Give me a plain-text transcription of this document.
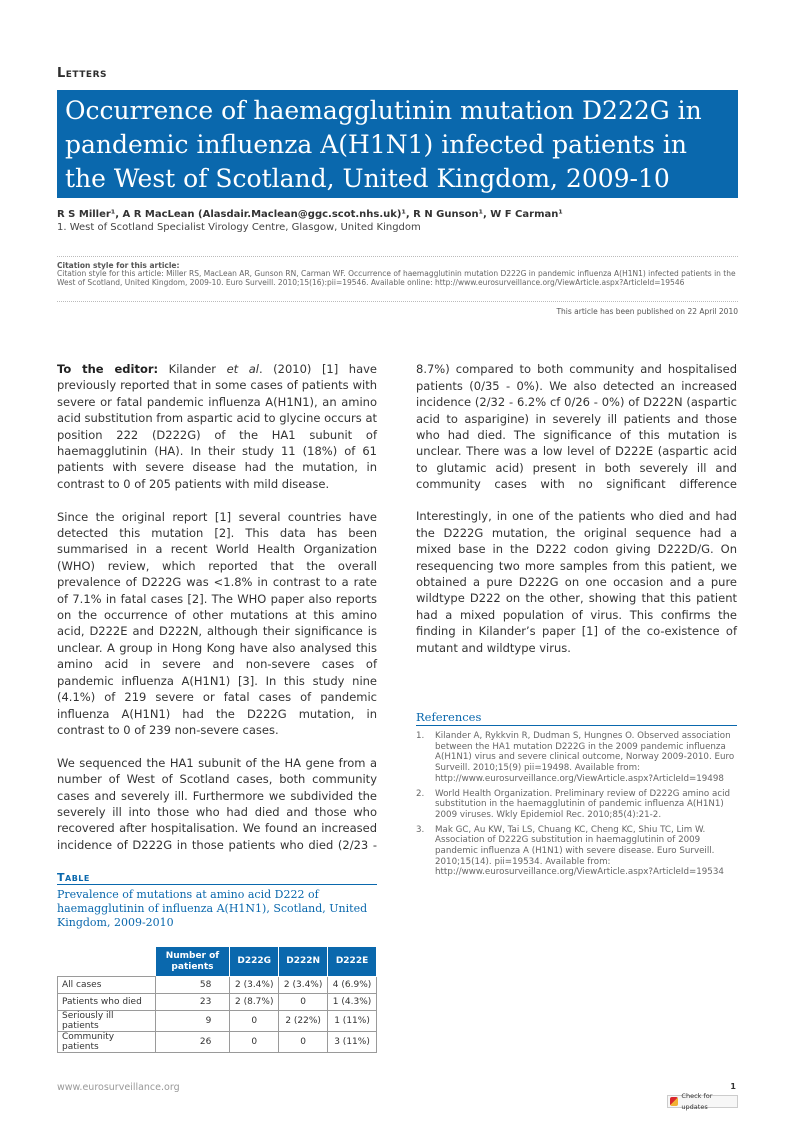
Letters
Occurrence of haemagglutinin mutation D222G in pandemic influenza A(H1N1) infected patients in the West of Scotland, United Kingdom, 2009-10
R S Miller¹, A R MacLean (Alasdair.Maclean@ggc.scot.nhs.uk)¹, R N Gunson¹, W F Carman¹
1. West of Scotland Specialist Virology Centre, Glasgow, United Kingdom
Citation style for this article:
Citation style for this article: Miller RS, MacLean AR, Gunson RN, Carman WF. Occurrence of haemagglutinin mutation D222G in pandemic influenza A(H1N1) infected patients in the West of Scotland, United Kingdom, 2009-10. Euro Surveill. 2010;15(16):pii=19546. Available online: http://www.eurosurveillance.org/ViewArticle.aspx?ArticleId=19546
This article has been published on 22 April 2010

To the editor: Kilander et al. (2010) [1] have previously reported that in some cases of patients with severe or fatal pandemic influenza A(H1N1), an amino acid substitution from aspartic acid to glycine occurs at position 222 (D222G) of the HA1 subunit of haemagglutinin (HA). In their study 11 (18%) of 61 patients with severe disease had the mutation, in contrast to 0 of 205 patients with mild disease.

Since the original report [1] several countries have detected this mutation [2]. This data has been summarised in a recent World Health Organization (WHO) review, which reported that the overall prevalence of D222G was <1.8% in contrast to a rate of 7.1% in fatal cases [2]. The WHO paper also reports on the occurrence of other mutations at this amino acid, D222E and D222N, although their significance is unclear. A group in Hong Kong have also analysed this amino acid in severe and non-severe cases of pandemic influenza A(H1N1) [3]. In this study nine (4.1%) of 219 severe or fatal cases of pandemic influenza A(H1N1) had the D222G mutation, in contrast to 0 of 239 non-severe cases.

We sequenced the HA1 subunit of the HA gene from a number of West of Scotland cases, both community cases and severely ill. Furthermore we subdivided the severely ill into those who had died and those who recovered after hospitalisation. We found an increased incidence of D222G in those patients who died (2/23 -

8.7%) compared to both community and hospitalised patients (0/35 - 0%). We also detected an increased incidence (2/32 - 6.2% cf 0/26 - 0%) of D222N (aspartic acid to asparigine) in severely ill patients and those who had died. The significance of this mutation is unclear. There was a low level of D222E (aspartic acid to glutamic acid) present in both severely ill and community cases with no significant difference

Interestingly, in one of the patients who died and had the D222G mutation, the original sequence had a mixed base in the D222 codon giving D222D/G. On resequencing two more samples from this patient, we obtained a pure D222G on one occasion and a pure wildtype D222 on the other, showing that this patient had a mixed population of virus. This confirms the finding in Kilander’s paper [1] of the co-existence of mutant and wildtype virus.

Table
Prevalence of mutations at amino acid D222 of haemagglutinin of influenza A(H1N1), Scotland, United Kingdom, 2009-2010
	Number of patients	D222G	D222N	D222E
All cases	58	2 (3.4%)	2 (3.4%)	4 (6.9%)
Patients who died	23	2 (8.7%)	0	1 (4.3%)
Seriously ill patients	9	0	2 (22%)	1 (11%)
Community patients	26	0	0	3 (11%)
References
1. Kilander A, Rykkvin R, Dudman S, Hungnes O. Observed association between the HA1 mutation D222G in the 2009 pandemic influenza A(H1N1) virus and severe clinical outcome, Norway 2009-2010. Euro Surveill. 2010;15(9) pii=19498. Available from: http://www.eurosurveillance.org/ViewArticle.aspx?ArticleId=19498
2. World Health Organization. Preliminary review of D222G amino acid substitution in the haemagglutinin of pandemic influenza A(H1N1) 2009 viruses. Wkly Epidemiol Rec. 2010;85(4):21-2.
3. Mak GC, Au KW, Tai LS, Chuang KC, Cheng KC, Shiu TC, Lim W. Association of D222G substitution in haemagglutinin of 2009 pandemic influenza A (H1N1) with severe disease. Euro Surveill. 2010;15(14). pii=19534. Available from: http://www.eurosurveillance.org/ViewArticle.aspx?ArticleId=19534
www.eurosurveillance.org	1
Check for updates
